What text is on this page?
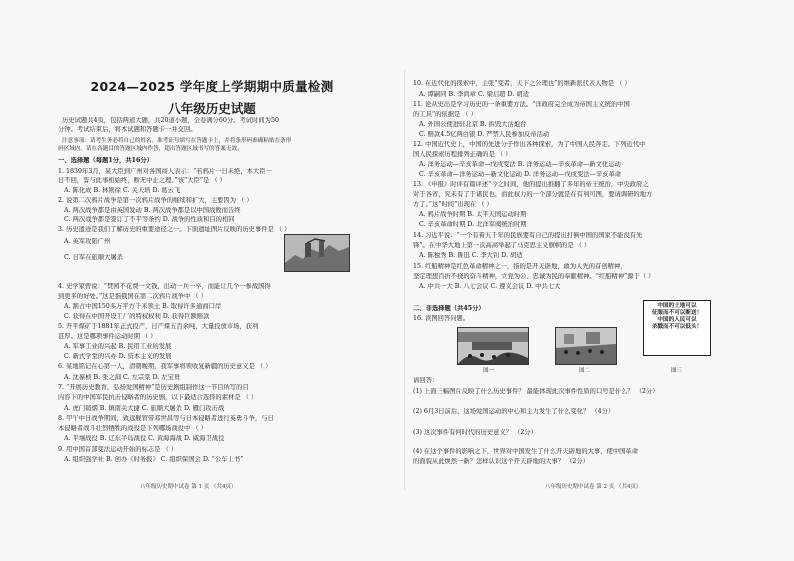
2024—2025 学年度上学期期中质量检测
八年级历史试题
历史试题共4页，包括两道大题，共20道小题，全卷满分60分。考试时间为50
分钟。考试结束后，将本试题和答题卡一并交回。
注意事项：请考生务必将自己的姓名、准考证号填写在答题卡上，并将条形码准确粘贴在条形
码区域内。请在各题目的答题区域内作答，超出答题区域书写的答案无效。
一、选择题（每题1分，共16分）
1. 1839年3月，某大臣到广州对各国商人表示：“若鸦片一日未绝，本大臣一
日不回，誓与此事相始终，断无中止之理。”该“大臣”是 （ ）
A. 陈化成 B. 林则徐 C. 关天培 D. 葛云飞
2. 说第二次鸦片战争是第一次鸦片战争的继续和扩大，主要因为 （ ）
A. 两次战争都是由英国发动 B. 两次战争都是以中国战败而告终
C. 两次战争都是签订了不平等条约 D. 战争的性质和目的相同
3. 历史遗迹是我们了解历史的重要途径之一。下面遗址图片反映的历史事件是 （ ）
A. 英军攻陷广州
C. 日军在旅顺大屠杀
4. 史学家曾说：“焚园不花费一文钱，出动一兵一卒，而能让几个一参战国得
到更多的好处。”这是指俄国在第二次鸦片战争中 （ ）
A. 割占中国150多万平方千米领土 B. 取得许多通商口岸
C. 获得在中国开设工厂的特权权利 D. 获得巨额赔款
5. 开平煤矿于1881年正式投产，日产煤五百余吨，大量投放市场，获利
甚厚。这是哪项事件运动时期 （ ）
A. 军事工业的兴起 B. 民用工业的发展
C. 新式学堂的兴办 D. 资本主义的发展
6. 某地铭记在心第一人，清朝晚期，我军事将领收复新疆的历史意义是 （ ）
A. 沈葆桢 B. 张之洞 C. 左宗棠 D. 左宝贵
7. “开展历史教育，弘扬爱国精神”是历史剧组制作这一节目所写的目
内容下的中国军民抗击侵略者的历史剧，以下最适合选择的素材是 （ ）
A. 虎门销烟 B. 镇南关大捷 C. 旅顺大屠杀 D. 雁门攻击战
8. 甲午中日战争期间，致远舰管带邓世昌等与日本侵略者进行英勇斗争，与日
本侵略者战斗壮烈牺牲的战役是下列哪场战役中 （ ）
A. 平壤战役 B. 辽东半岛战役 C. 黄海海战 D. 威海卫战役
9. 用中国首部变法运动开始的标志是 （ ）
A. 组织强学社 B. 创办《时务报》 C. 组织保国会 D. “公车上书”
八年级历史期中试卷 第 1 页 （共4页）
10. 在近代化的探索中，主张“变者，天下之公理也”的维新派代表人物是 （ ）
A. 谭嗣同 B. 李鸿章 C. 梁启超 D. 胡适
11. 论从史出是学习历史的一条重要方法。“洋政府完全成为帝国主义统治中国
的工具”的依据是 （ ）
A. 外国公使进驻北京 B. 拆毁大沽炮台
C. 赔款4.5亿两白银 D. 严禁人民参加反帝活动
12. 中国近代史上，中国的先进分子作出各种探索，为了中国人民奔走。下列近代中
国人民探索历程排列正确的是 （ ）
A. 洋务运动—辛亥革命—戊戌变法 B. 洋务运动—辛亥革命—新文化运动
C. 辛亥革命—洋务运动—新文化运动 D. 洋务运动—戊戌变法—辛亥革命
13. 《申报》时评有篇评述“今之时间，他的提出推翻了多年的帝王统治，中央政府之
对于各省，究未有了于诸民也，而此权力的一个部分就是在有利可图，要请调研的地方
方了。”这“时间”出现在 （ ）
A. 鸦片战争时期 B. 太平天国运动时期
C. 辛亥革命时期 D. 北洋军阀统治时期
14. 习近平说：“一个有着五千年的民族要有自己的提出打倒中国的国家不能没有先
锋”。在中华大地上第一次高高举起了马克思主义旗帜的是 （ ）
A. 陈独秀 B. 鲁迅 C. 李大钊 D. 胡适
15. 红船精神是红色革命精神之一，指的是开天辟地，敢为人先的首创精神，
坚定理想百折不挠的奋斗精神，立党为公、忠诚为民的奉献精神。“红船精神”源于（ ）
A. 中共一大 B. 八七会议 C. 遵义会议 D. 中共七大
二、非选择题（共45分）
16. 读图回答问题。
中国的土地可以
征服而不可以断送！
中国的人民可以
杀戮而不可以低头！
图一	图二	图三
请回答：
(1) 上面三幅图片反映了什么历史事件？ 最能体现此次事件性质的口号是什么？ （2分）
(2) 6月3日前后，这场爱国运动的中心和主力发生了什么变化？ （4分）
(3) 这次事件有何时代的历史意义？ （2分）
(4) 在这个事件的影响之下，世界对中国发生了什么开天辟地的大事，使中国革命
的面貌从此焕然一新？怎样认识这个开天辟地的大事？ （2分）
八年级历史期中试卷 第 2 页 （共4页）
